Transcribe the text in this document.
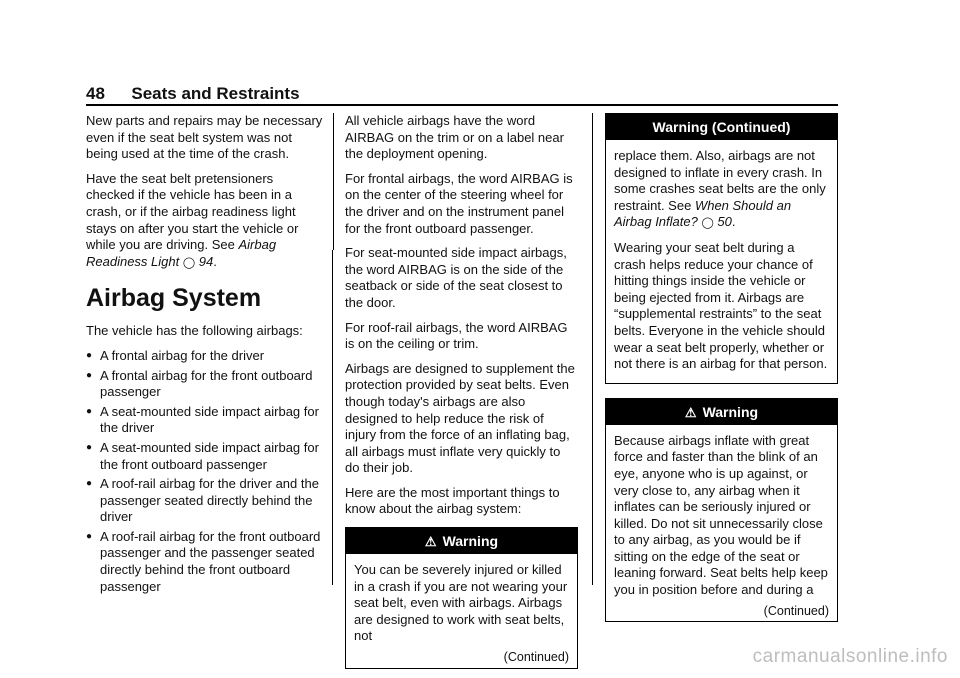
48 Seats and Restraints

New parts and repairs may be necessary even if the seat belt system was not being used at the time of the crash.

Have the seat belt pretensioners checked if the vehicle has been in a crash, or if the airbag readiness light stays on after you start the vehicle or while you are driving. See Airbag Readiness Light ◯ 94.

Airbag System

The vehicle has the following airbags:

● A frontal airbag for the driver
● A frontal airbag for the front outboard passenger
● A seat-mounted side impact airbag for the driver
● A seat-mounted side impact airbag for the front outboard passenger
● A roof-rail airbag for the driver and the passenger seated directly behind the driver
● A roof-rail airbag for the front outboard passenger and the passenger seated directly behind the front outboard passenger

All vehicle airbags have the word AIRBAG on the trim or on a label near the deployment opening.

For frontal airbags, the word AIRBAG is on the center of the steering wheel for the driver and on the instrument panel for the front outboard passenger.

For seat-mounted side impact airbags, the word AIRBAG is on the side of the seatback or side of the seat closest to the door.

For roof-rail airbags, the word AIRBAG is on the ceiling or trim.

Airbags are designed to supplement the protection provided by seat belts. Even though today's airbags are also designed to help reduce the risk of injury from the force of an inflating bag, all airbags must inflate very quickly to do their job.

Here are the most important things to know about the airbag system:

⚠ Warning

You can be severely injured or killed in a crash if you are not wearing your seat belt, even with airbags. Airbags are designed to work with seat belts, not

(Continued)
Warning (Continued)

replace them. Also, airbags are not designed to inflate in every crash. In some crashes seat belts are the only restraint. See When Should an Airbag Inflate? ◯ 50.

Wearing your seat belt during a crash helps reduce your chance of hitting things inside the vehicle or being ejected from it. Airbags are “supplemental restraints” to the seat belts. Everyone in the vehicle should wear a seat belt properly, whether or not there is an airbag for that person.

⚠ Warning

Because airbags inflate with great force and faster than the blink of an eye, anyone who is up against, or very close to, any airbag when it inflates can be seriously injured or killed. Do not sit unnecessarily close to any airbag, as you would be if sitting on the edge of the seat or leaning forward. Seat belts help keep you in position before and during a

(Continued)
carmanualsonline.info
